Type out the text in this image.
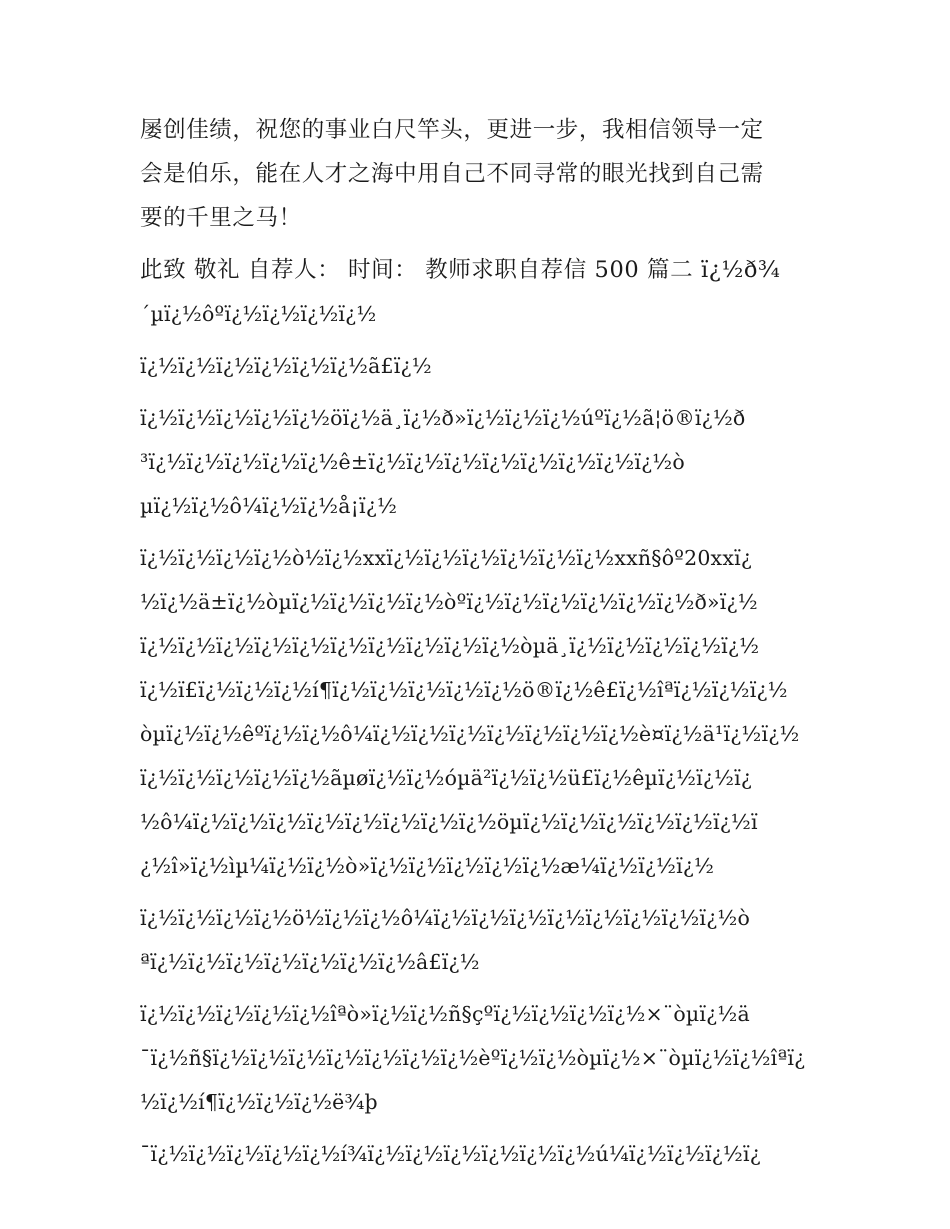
屡创佳绩，祝您的事业白尺竿头，更进一步，我相信领导一定

会是伯乐，能在人才之海中用自己不同寻常的眼光找到自己需

要的千里之马！

此致 敬礼 自荐人： 时间： 教师求职自荐信 500 篇二 ï¿½ð¾

´µï¿½ôºï¿½ï¿½ï¿½ï¿½

ï¿½ï¿½ï¿½ï¿½ï¿½ï¿½ã£ï¿½

ï¿½ï¿½ï¿½ï¿½ï¿½öï¿½ä¸ï¿½ð»ï¿½ï¿½ï¿½úºï¿½ã¦ö®ï¿½ð

³ï¿½ï¿½ï¿½ï¿½ï¿½ê±ï¿½ï¿½ï¿½ï¿½ï¿½ï¿½ï¿½ï¿½ò

µï¿½ï¿½ô¼ï¿½ï¿½å¡ï¿½

ï¿½ï¿½ï¿½ï¿½ò½ï¿½xxï¿½ï¿½ï¿½ï¿½ï¿½ï¿½xxñ§ôº20xxï¿

½ï¿½ä±ï¿½òµï¿½ï¿½ï¿½ï¿½òºï¿½ï¿½ï¿½ï¿½ï¿½ï¿½ð»ï¿½

ï¿½ï¿½ï¿½ï¿½ï¿½ï¿½ï¿½ï¿½ï¿½ï¿½òµä¸ï¿½ï¿½ï¿½ï¿½ï¿½

ï¿½ï£ï¿½ï¿½ï¿½í¶ï¿½ï¿½ï¿½ï¿½ï¿½ö®ï¿½ê£ï¿½îªï¿½ï¿½ï¿½

òµï¿½ï¿½êºï¿½ï¿½ô¼ï¿½ï¿½ï¿½ï¿½ï¿½ï¿½ï¿½è¤ï¿½ä¹ï¿½ï¿½

ï¿½ï¿½ï¿½ï¿½ï¿½ãµøï¿½ï¿½óµä²ï¿½ï¿½ü£ï¿½êµï¿½ï¿½ï¿

½ô¼ï¿½ï¿½ï¿½ï¿½ï¿½ï¿½ï¿½ï¿½öµï¿½ï¿½ï¿½ï¿½ï¿½ï¿½ï

¿½î»ï¿½ìµ¼ï¿½ï¿½ò»ï¿½ï¿½ï¿½ï¿½ï¿½æ¼ï¿½ï¿½ï¿½

ï¿½ï¿½ï¿½ï¿½ö½ï¿½ï¿½ô¼ï¿½ï¿½ï¿½ï¿½ï¿½ï¿½ï¿½ï¿½ò

ªï¿½ï¿½ï¿½ï¿½ï¿½ï¿½ï¿½â£ï¿½

ï¿½ï¿½ï¿½ï¿½ï¿½îªò»ï¿½ï¿½ñ§çºï¿½ï¿½ï¿½ï¿½×¨òµï¿½ä

¯ï¿½ñ§ï¿½ï¿½ï¿½ï¿½ï¿½ï¿½ï¿½èºï¿½ï¿½òµï¿½×¨òµï¿½ï¿½îªï¿

½ï¿½í¶ï¿½ï¿½ï¿½ë¾þ

¯ï¿½ï¿½ï¿½ï¿½ï¿½í¾ï¿½ï¿½ï¿½ï¿½ï¿½ï¿½ú¼ï¿½ï¿½ï¿½ï¿
